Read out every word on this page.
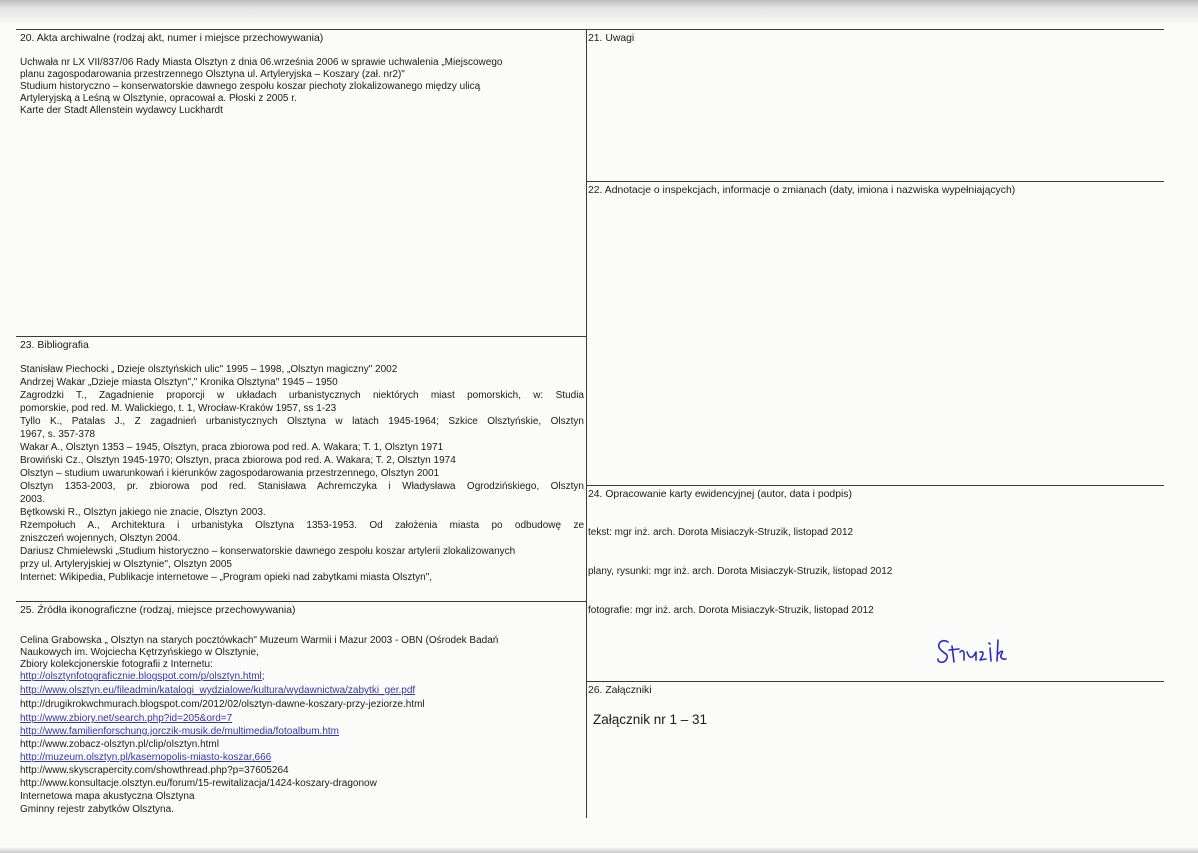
20. Akta archiwalne (rodzaj akt, numer i miejsce przechowywania)
Uchwała nr LX VII/837/06 Rady Miasta Olsztyn z dnia 06.września 2006 w sprawie uchwalenia „Miejscowego
planu zagospodarowania przestrzennego Olsztyna ul. Artyleryjska – Koszary (zał. nr2)"
Studium historyczno – konserwatorskie dawnego zespołu koszar piechoty zlokalizowanego między ulicą
Artyleryjską a Leśną w Olsztynie, opracował a. Płoski z 2005 r.
Karte der Stadt Allenstein wydawcy Luckhardt
21. Uwagi
22. Adnotacje o inspekcjach, informacje o zmianach (daty, imiona i nazwiska wypełniających)
23. Bibliografia
Stanisław Piechocki „ Dzieje olsztyńskich ulic" 1995 – 1998, „Olsztyn magiczny" 2002
Andrzej Wakar „Dzieje miasta Olsztyn"," Kronika Olsztyna" 1945 – 1950
Zagrodzki T., Zagadnienie proporcji w układach urbanistycznych niektórych miast pomorskich, w: Studia
pomorskie, pod red. M. Walickiego, t. 1, Wrocław-Kraków 1957, ss 1-23
Tyllo K., Patalas J., Z zagadnień urbanistycznych Olsztyna w latach 1945-1964; Szkice Olsztyńskie, Olsztyn
1967, s. 357-378
Wakar A., Olsztyn 1353 – 1945, Olsztyn, praca zbiorowa pod red. A. Wakara; T. 1, Olsztyn 1971
Browiński Cz., Olsztyn 1945-1970; Olsztyn, praca zbiorowa pod red. A. Wakara; T. 2, Olsztyn 1974
Olsztyn – studium uwarunkowań i kierunków zagospodarowania przestrzennego, Olsztyn 2001
Olsztyn 1353-2003, pr. zbiorowa pod red. Stanisława Achremczyka i Władysława Ogrodzińskiego, Olsztyn
2003.
Bętkowski R., Olsztyn jakiego nie znacie, Olsztyn 2003.
Rzempołuch A., Architektura i urbanistyka Olsztyna 1353-1953. Od założenia miasta po odbudowę ze
zniszczeń wojennych, Olsztyn 2004.
Dariusz Chmielewski „Studium historyczno – konserwatorskie dawnego zespołu koszar artylerii zlokalizowanych
przy ul. Artyleryjskiej w Olsztynie", Olsztyn 2005
Internet: Wikipedia, Publikacje internetowe – „Program opieki nad zabytkami miasta Olsztyn",
24. Opracowanie karty ewidencyjnej (autor, data i podpis)
tekst: mgr inż. arch. Dorota Misiaczyk-Struzik, listopad 2012
plany, rysunki: mgr inż. arch. Dorota Misiaczyk-Struzik, listopad 2012
fotografie: mgr inż. arch. Dorota Misiaczyk-Struzik, listopad 2012
25. Źródła ikonograficzne (rodzaj, miejsce przechowywania)
Celina Grabowska „ Olsztyn na starych pocztówkach" Muzeum Warmii i Mazur 2003 - OBN (Ośrodek Badań
Naukowych im. Wojciecha Kętrzyńskiego w Olsztynie,
Zbiory kolekcjonerskie fotografii z Internetu:
http://olsztynfotograficznie.blogspot.com/p/olsztyn.html;
http://www.olsztyn.eu/fileadmin/katalogi_wydzialowe/kultura/wydawnictwa/zabytki_ger.pdf
http://drugikrokwchmurach.blogspot.com/2012/02/olsztyn-dawne-koszary-przy-jeziorze.html
http://www.zbiory.net/search.php?id=205&ord=7
http://www.familienforschung.jorczik-musik.de/multimedia/fotoalbum.htm
http://www.zobacz-olsztyn.pl/clip/olsztyn.html
http://muzeum.olsztyn.pl/kasernopolis-miasto-koszar,666
http://www.skyscrapercity.com/showthread.php?p=37605264
http://www.konsultacje.olsztyn.eu/forum/15-rewitalizacja/1424-koszary-dragonow
Internetowa mapa akustyczna Olsztyna
Gminny rejestr zabytków Olsztyna.
26. Załączniki
Załącznik nr 1 – 31
